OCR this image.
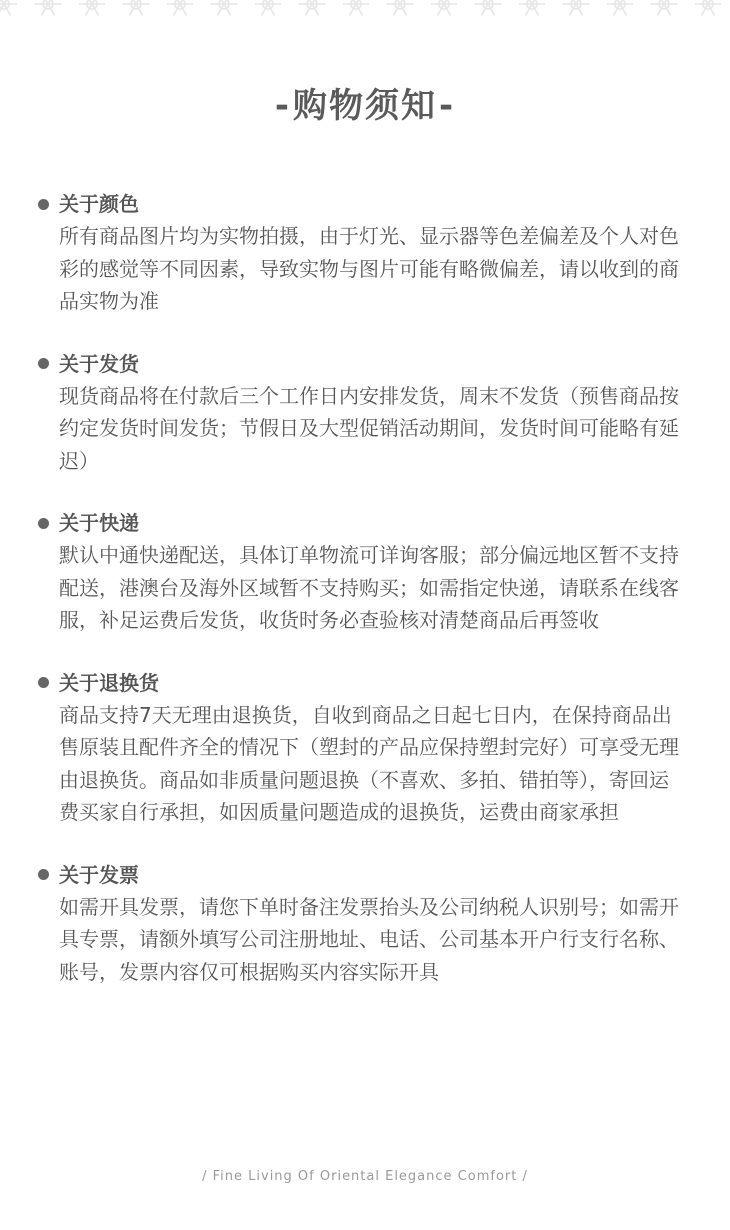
-购物须知-
关于颜色
所有商品图片均为实物拍摄，由于灯光、显示器等色差偏差及个人对色彩的感觉等不同因素，导致实物与图片可能有略微偏差，请以收到的商品实物为准
关于发货
现货商品将在付款后三个工作日内安排发货，周末不发货（预售商品按约定发货时间发货；节假日及大型促销活动期间，发货时间可能略有延迟）
关于快递
默认中通快递配送，具体订单物流可详询客服；部分偏远地区暂不支持配送，港澳台及海外区域暂不支持购买；如需指定快递，请联系在线客服，补足运费后发货，收货时务必查验核对清楚商品后再签收
关于退换货
商品支持7天无理由退换货，自收到商品之日起七日内，在保持商品出售原装且配件齐全的情况下（塑封的产品应保持塑封完好）可享受无理由退换货。商品如非质量问题退换（不喜欢、多拍、错拍等），寄回运费买家自行承担，如因质量问题造成的退换货，运费由商家承担
关于发票
如需开具发票，请您下单时备注发票抬头及公司纳税人识别号；如需开具专票，请额外填写公司注册地址、电话、公司基本开户行支行名称、账号，发票内容仅可根据购买内容实际开具
/ Fine Living Of Oriental Elegance Comfort /
